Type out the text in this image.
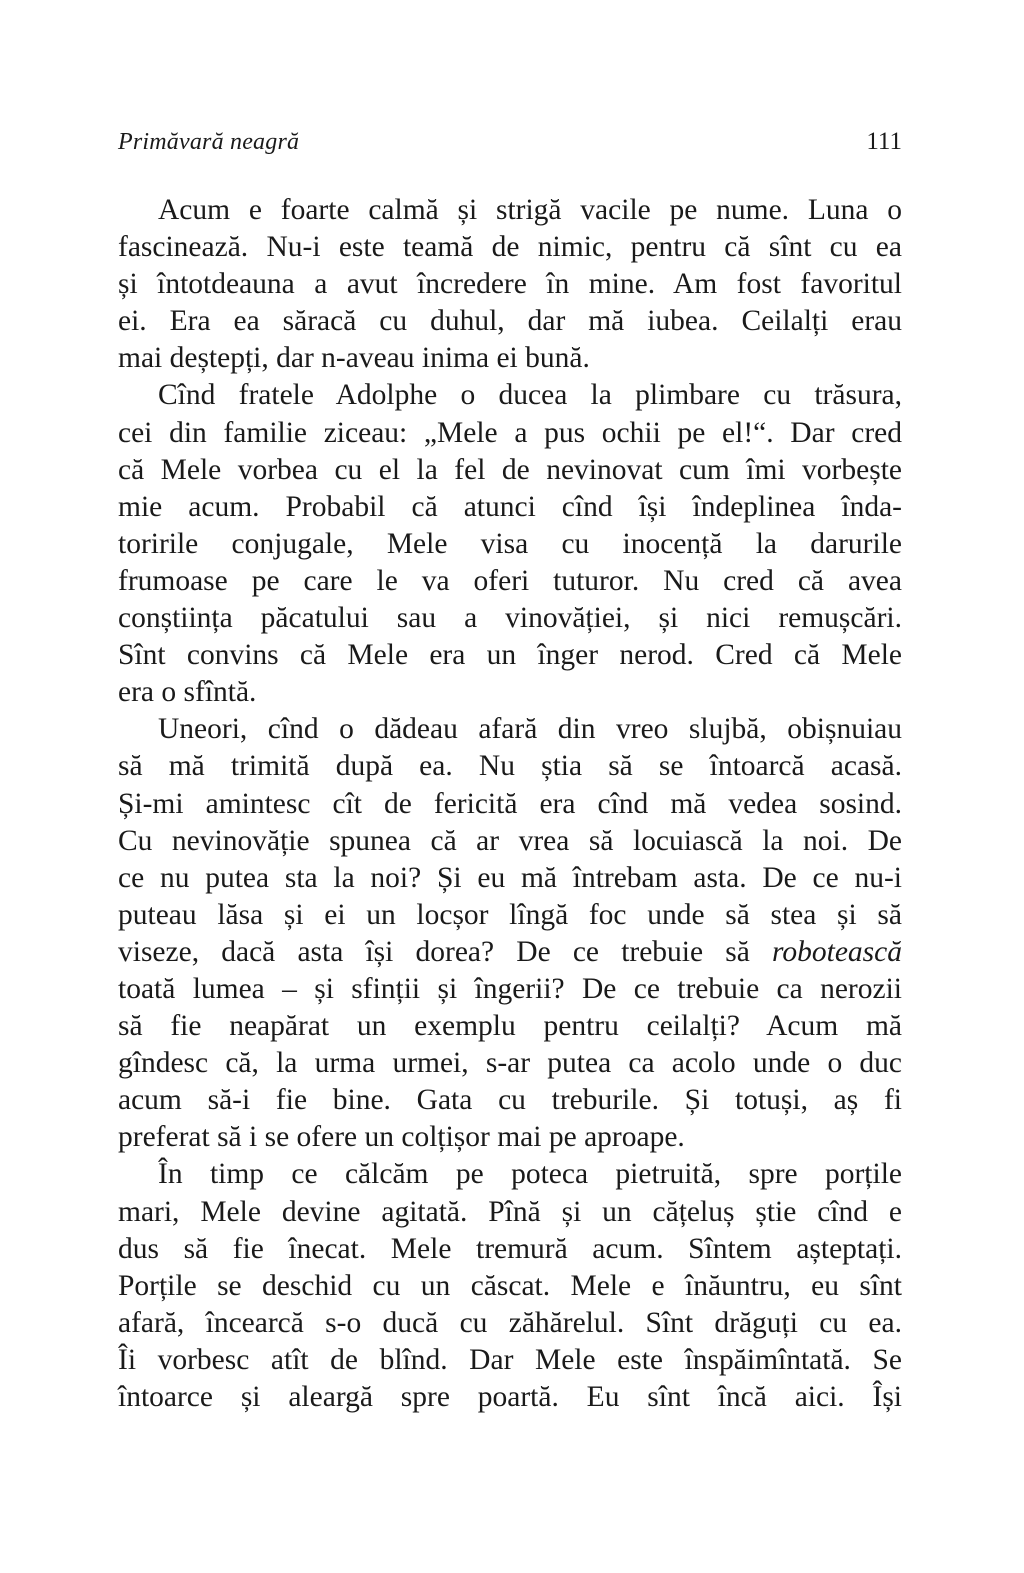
Primăvară neagră	111

Acum e foarte calmă și strigă vacile pe nume. Luna o
fascinează. Nu-i este teamă de nimic, pentru că sînt cu ea
și întotdeauna a avut încredere în mine. Am fost favoritul
ei. Era ea săracă cu duhul, dar mă iubea. Ceilalți erau
mai deștepți, dar n-aveau inima ei bună.

Cînd fratele Adolphe o ducea la plimbare cu trăsura,
cei din familie ziceau: „Mele a pus ochii pe el!“. Dar cred
că Mele vorbea cu el la fel de nevinovat cum îmi vorbește
mie acum. Probabil că atunci cînd își îndeplinea înda-
toririle conjugale, Mele visa cu inocență la darurile
frumoase pe care le va oferi tuturor. Nu cred că avea
conștiința păcatului sau a vinovăției, și nici remușcări.
Sînt convins că Mele era un înger nerod. Cred că Mele
era o sfîntă.

Uneori, cînd o dădeau afară din vreo slujbă, obișnuiau
să mă trimită după ea. Nu știa să se întoarcă acasă.
Și-mi amintesc cît de fericită era cînd mă vedea sosind.
Cu nevinovăție spunea că ar vrea să locuiască la noi. De
ce nu putea sta la noi? Și eu mă întrebam asta. De ce nu-i
puteau lăsa și ei un locșor lîngă foc unde să stea și să
viseze, dacă asta își dorea? De ce trebuie să robotească
toată lumea – și sfinții și îngerii? De ce trebuie ca nerozii
să fie neapărat un exemplu pentru ceilalți? Acum mă
gîndesc că, la urma urmei, s-ar putea ca acolo unde o duc
acum să-i fie bine. Gata cu treburile. Și totuși, aș fi
preferat să i se ofere un colțișor mai pe aproape.

În timp ce călcăm pe poteca pietruită, spre porțile
mari, Mele devine agitată. Pînă și un cățeluș știe cînd e
dus să fie înecat. Mele tremură acum. Sîntem așteptați.
Porțile se deschid cu un căscat. Mele e înăuntru, eu sînt
afară, încearcă s-o ducă cu zăhărelul. Sînt drăguți cu ea.
Îi vorbesc atît de blînd. Dar Mele este înspăimîntată. Se
întoarce și aleargă spre poartă. Eu sînt încă aici. Își
